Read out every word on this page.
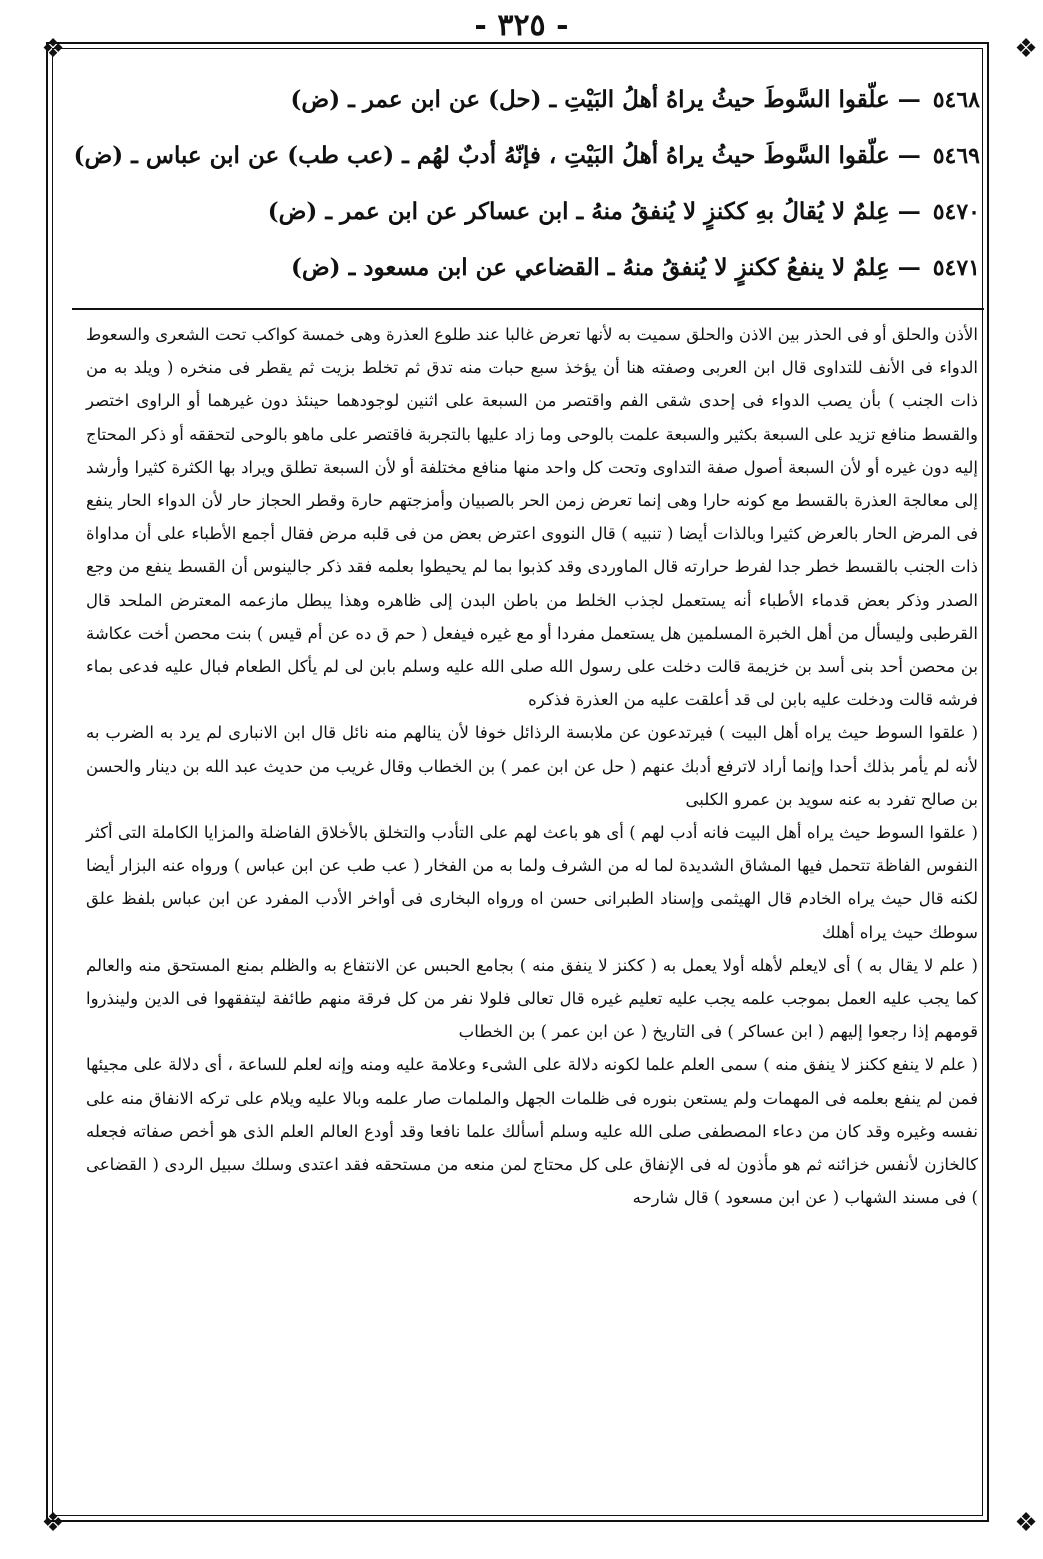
- ٣٢٥ -
❖	❖
❖	❖
٥٤٦٨— علّقوا السَّوطَ حيثُ يراهُ أهلُ البَيْتِ ـ (حل) عن ابن عمر ـ (ض)
٥٤٦٩— علّقوا السَّوطَ حيثُ يراهُ أهلُ البَيْتِ ، فإنّهُ أدبٌ لهُم ـ (عب طب) عن ابن عباس ـ (ض)
٥٤٧٠— عِلمٌ لا يُقالُ بهِ ككنزٍ لا يُنفقُ منهُ ـ ابن عساكر عن ابن عمر ـ (ض)
٥٤٧١— عِلمٌ لا ينفعُ ككنزٍ لا يُنفقُ منهُ ـ القضاعي عن ابن مسعود ـ (ض)

الأذن والحلق أو فى الحذر بين الاذن والحلق سميت به لأنها تعرض غالبا عند طلوع العذرة وهى خمسة كواكب تحت الشعرى والسعوط الدواء فى الأنف للتداوى قال ابن العربى وصفته هنا أن يؤخذ سبع حبات منه تدق ثم تخلط بزيت ثم يقطر فى منخره ( ويلد به من ذات الجنب ) بأن يصب الدواء فى إحدى شقى الفم واقتصر من السبعة على اثنين لوجودهما حينئذ دون غيرهما أو الراوى اختصر والقسط منافع تزيد على السبعة بكثير والسبعة علمت بالوحى وما زاد عليها بالتجربة فاقتصر على ماهو بالوحى لتحققه أو ذكر المحتاج إليه دون غيره أو لأن السبعة أصول صفة التداوى وتحت كل واحد منها منافع مختلفة أو لأن السبعة تطلق ويراد بها الكثرة كثيرا وأرشد إلى معالجة العذرة بالقسط مع كونه حارا وهى إنما تعرض زمن الحر بالصبيان وأمزجتهم حارة وقطر الحجاز حار لأن الدواء الحار ينفع فى المرض الحار بالعرض كثيرا وبالذات أيضا ( تنبيه ) قال النووى اعترض بعض من فى قلبه مرض فقال أجمع الأطباء على أن مداواة ذات الجنب بالقسط خطر جدا لفرط حرارته قال الماوردى وقد كذبوا بما لم يحيطوا بعلمه فقد ذكر جالينوس أن القسط ينفع من وجع الصدر وذكر بعض قدماء الأطباء أنه يستعمل لجذب الخلط من باطن البدن إلى ظاهره وهذا يبطل مازعمه المعترض الملحد قال القرطبى وليسأل من أهل الخبرة المسلمين هل يستعمل مفردا أو مع غيره فيفعل ( حم ق ده عن أم قيس ) بنت محصن أخت عكاشة بن محصن أحد بنى أسد بن خزيمة قالت دخلت على رسول الله صلى الله عليه وسلم بابن لى لم يأكل الطعام فبال عليه فدعى بماء فرشه قالت ودخلت عليه بابن لى قد أعلقت عليه من العذرة فذكره

( علقوا السوط حيث يراه أهل البيت ) فيرتدعون عن ملابسة الرذائل خوفا لأن ينالهم منه نائل قال ابن الانبارى لم يرد به الضرب به لأنه لم يأمر بذلك أحدا وإنما أراد لاترفع أدبك عنهم ( حل عن ابن عمر ) بن الخطاب وقال غريب من حديث عبد الله بن دينار والحسن بن صالح تفرد به عنه سويد بن عمرو الكلبى

( علقوا السوط حيث يراه أهل البيت فانه أدب لهم ) أى هو باعث لهم على التأدب والتخلق بالأخلاق الفاضلة والمزايا الكاملة التى أكثر النفوس الفاظة تتحمل فيها المشاق الشديدة لما له من الشرف ولما به من الفخار ( عب طب عن ابن عباس ) ورواه عنه البزار أيضا لكنه قال حيث يراه الخادم قال الهيثمى وإسناد الطبرانى حسن اه ورواه البخارى فى أواخر الأدب المفرد عن ابن عباس بلفظ علق سوطك حيث يراه أهلك

( علم لا يقال به ) أى لايعلم لأهله أولا يعمل به ( ككنز لا ينفق منه ) بجامع الحبس عن الانتفاع به والظلم بمنع المستحق منه والعالم كما يجب عليه العمل بموجب علمه يجب عليه تعليم غيره قال تعالى فلولا نفر من كل فرقة منهم طائفة ليتفقهوا فى الدين ولينذروا قومهم إذا رجعوا إليهم ( ابن عساكر ) فى التاريخ ( عن ابن عمر ) بن الخطاب

( علم لا ينفع ككنز لا ينفق منه ) سمى العلم علما لكونه دلالة على الشىء وعلامة عليه ومنه وإنه لعلم للساعة ، أى دلالة على مجيئها فمن لم ينفع بعلمه فى المهمات ولم يستعن بنوره فى ظلمات الجهل والملمات صار علمه وبالا عليه ويلام على تركه الانفاق منه على نفسه وغيره وقد كان من دعاء المصطفى صلى الله عليه وسلم أسألك علما نافعا وقد أودع العالم العلم الذى هو أخص صفاته فجعله كالخازن لأنفس خزائنه ثم هو مأذون له فى الإنفاق على كل محتاج لمن منعه من مستحقه فقد اعتدى وسلك سبيل الردى ( القضاعى ) فى مسند الشهاب ( عن ابن مسعود ) قال شارحه
